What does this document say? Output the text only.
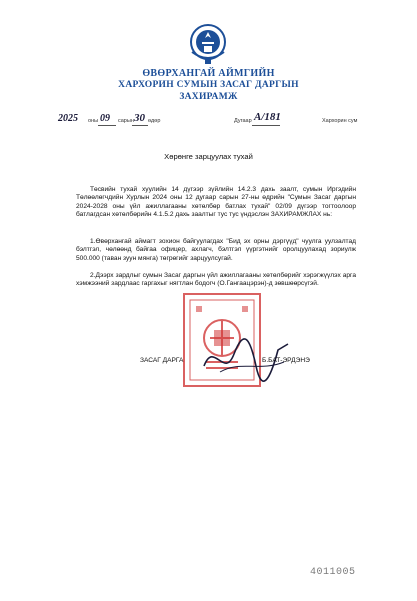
ӨВӨРХАНГАЙ АЙМГИЙН
ХАРХОРИН СУМЫН ЗАСАГ ДАРГЫН
ЗАХИРАМЖ
2025 оны 09 сарын 30 өдөр	Дугаар А/181	Хархорин сум
Хөрөнге зарцуулах тухай

Төсвийн тухай хуулийн 14 дүгээр зүйлийн 14.2.3 дахь заалт, сумын Иргэдийн Төлөөлөгчдийн Хурлын 2024 оны 12 дугаар сарын 27-ны өдрийн "Сумын Засаг даргын 2024-2028 оны үйл ажиллагааны хөтөлбөр батлах тухай" 02/09 дүгээр тогтоолоор батлагдсан хөтөлбөрийн 4.1.5.2 дахь заалтыг тус тус үндэслэн ЗАХИРАМЖЛАХ нь:

1.Өвөрхангай аймагт зохион байгуулагдах "Бид эх орны дэргүүд" чуулга уулзалтад бэлтгэл, чөлөөнд байгаа офицер, ахлагч, бэлтгэл үүргэтнийг оролцуулахад зориулж 500.000 (таван зуун мянга) төгрөгийг зарцуулсугай.

2.Дээрх зардлыг сумын Засаг даргын үйл ажиллагааны хөтөлбөрийг хэрэгжүүлэх арга хэмжээний зардлаас гаргахыг нягтлан бодогч (О.Гангаацэрэн)-д зөвшөөрсүгэй.

ЗАСАГ ДАРГА	Б.БАТ-ЭРДЭНЭ
4011005
